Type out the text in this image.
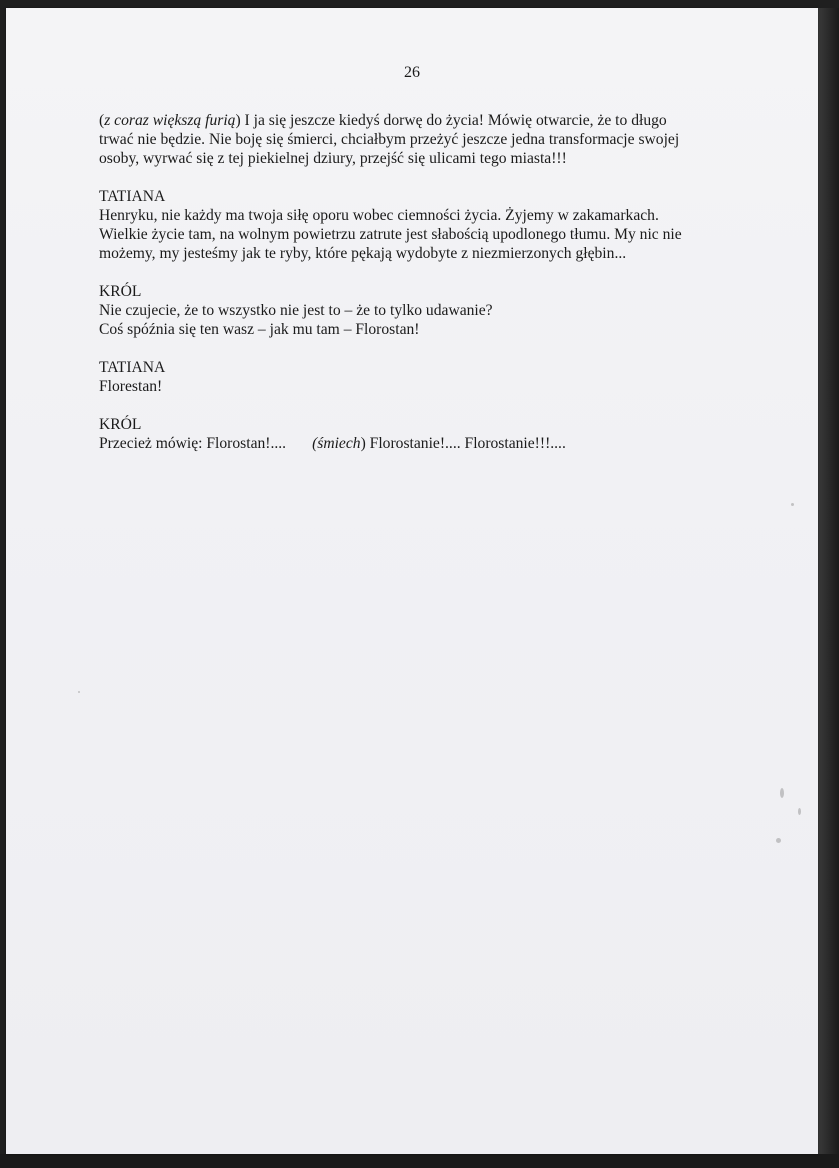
26
(z coraz większą furią) I ja się jeszcze kiedyś dorwę do życia! Mówię otwarcie, że to długo
trwać nie będzie. Nie boję się śmierci, chciałbym przeżyć jeszcze jedna transformacje swojej
osoby, wyrwać się z tej piekielnej dziury, przejść się ulicami tego miasta!!!
TATIANA
Henryku, nie każdy ma twoja siłę oporu wobec ciemności życia. Żyjemy w zakamarkach.
Wielkie życie tam, na wolnym powietrzu zatrute jest słabością upodlonego tłumu. My nic nie
możemy, my jesteśmy jak te ryby, które pękają wydobyte z niezmierzonych głębin...
KRÓL
Nie czujecie, że to wszystko nie jest to – że to tylko udawanie?
Coś spóźnia się ten wasz – jak mu tam – Florostan!
TATIANA
Florestan!
KRÓL
Przecież mówię: Florostan!.... (śmiech) Florostanie!.... Florostanie!!!....
